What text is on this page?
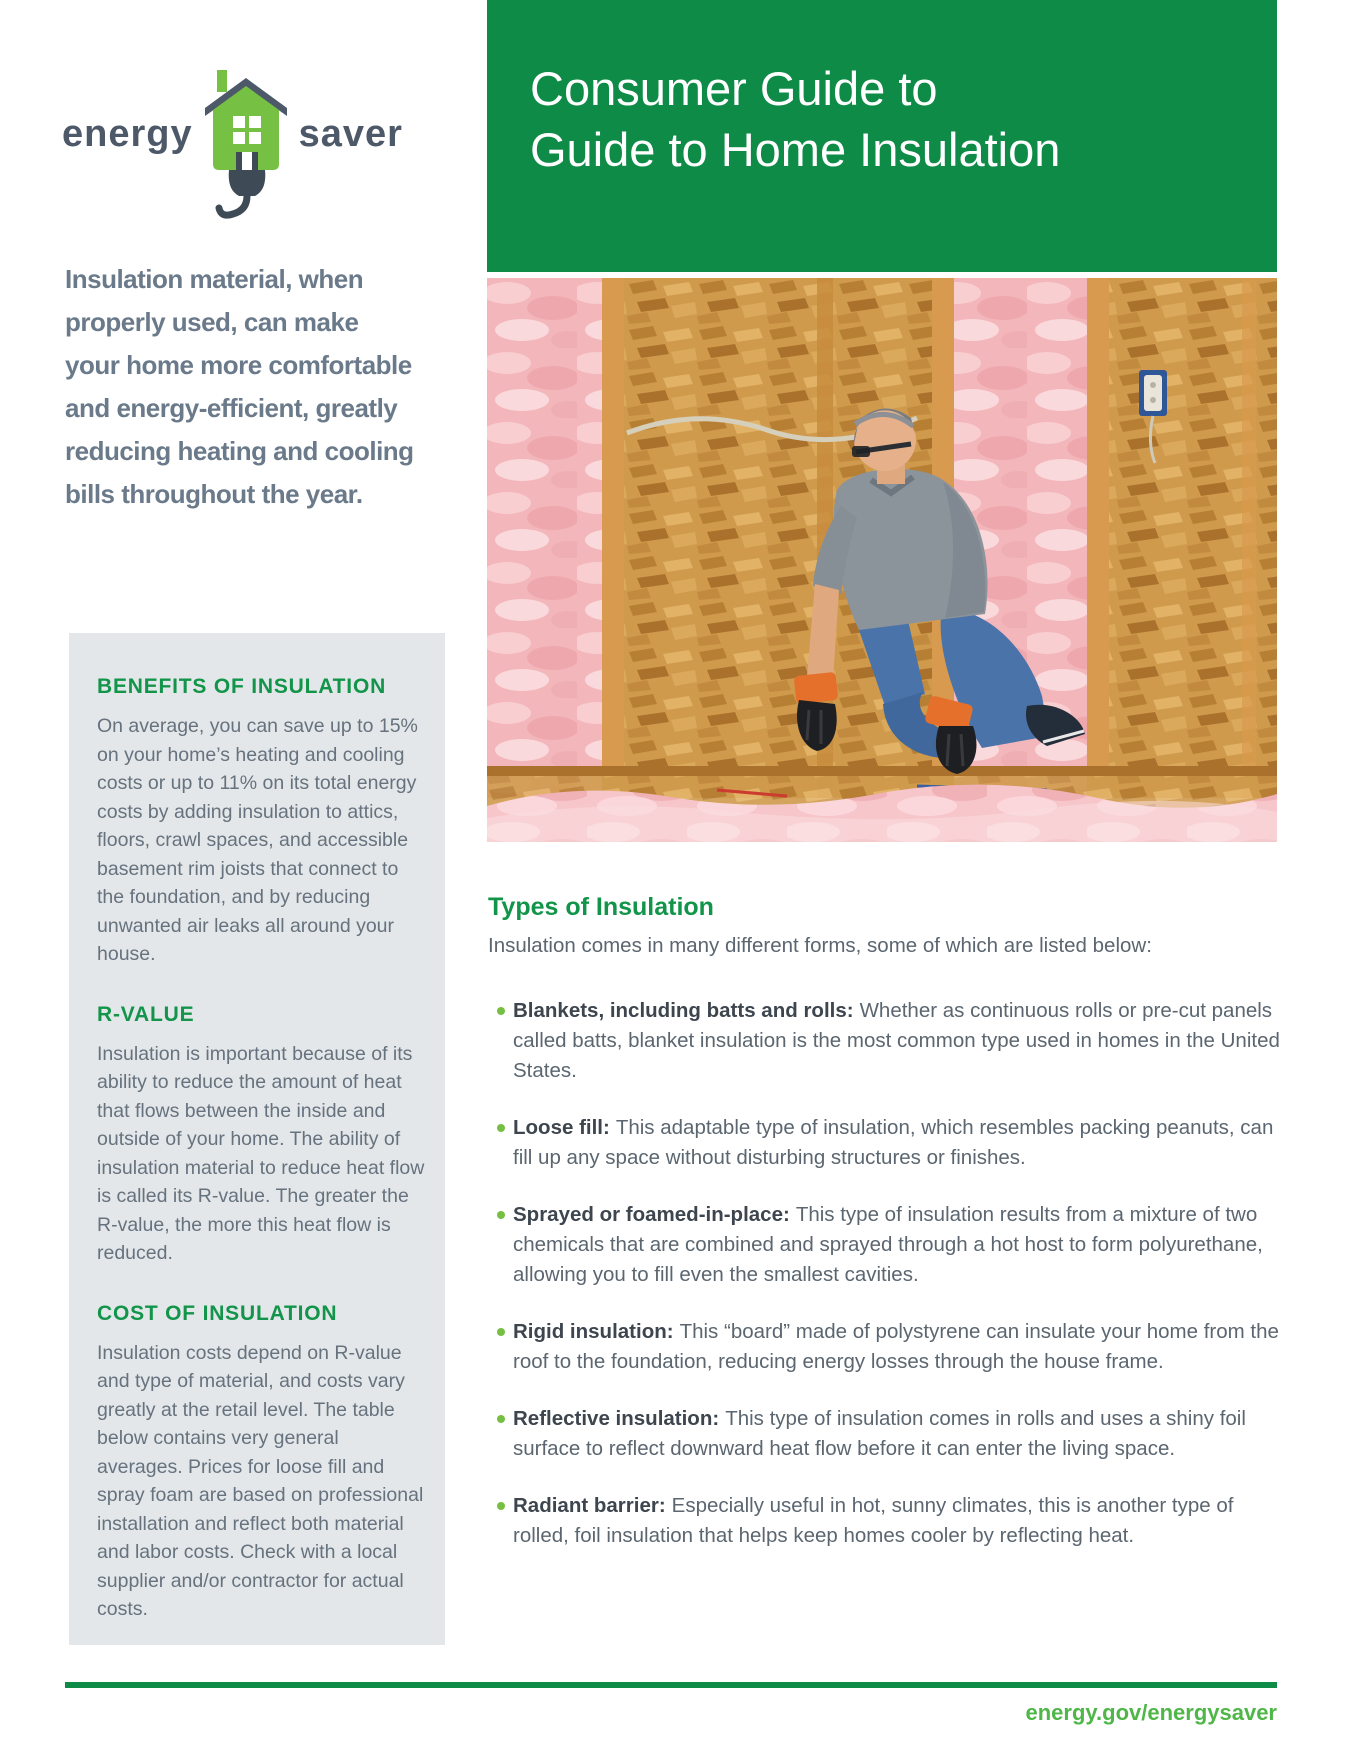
energy	saver
Consumer Guide to
Guide to Home Insulation

Insulation material, when properly used, can make your home more comfortable and energy-efficient, greatly reducing heating and cooling bills throughout the year.

BENEFITS OF INSULATION

On average, you can save up to 15% on your home’s heating and cooling costs or up to 11% on its total energy costs by adding insulation to attics, floors, crawl spaces, and accessible basement rim joists that connect to the foundation, and by reducing unwanted air leaks all around your house.

R-VALUE

Insulation is important because of its ability to reduce the amount of heat that flows between the inside and outside of your home. The ability of insulation material to reduce heat flow is called its R-value. The greater the R-value, the more this heat flow is reduced.

COST OF INSULATION

Insulation costs depend on R-value and type of material, and costs vary greatly at the retail level. The table below contains very general averages. Prices for loose fill and spray foam are based on professional installation and reflect both material and labor costs. Check with a local supplier and/or contractor for actual costs.

Types of Insulation

Insulation comes in many different forms, some of which are listed below:

Blankets, including batts and rolls: Whether as continuous rolls or pre-cut panels called batts, blanket insulation is the most common type used in homes in the United States.
Loose fill: This adaptable type of insulation, which resembles packing peanuts, can fill up any space without disturbing structures or finishes.
Sprayed or foamed-in-place: This type of insulation results from a mixture of two chemicals that are combined and sprayed through a hot host to form polyurethane, allowing you to fill even the smallest cavities.
Rigid insulation: This “board” made of polystyrene can insulate your home from the roof to the foundation, reducing energy losses through the house frame.
Reflective insulation: This type of insulation comes in rolls and uses a shiny foil surface to reflect downward heat flow before it can enter the living space.
Radiant barrier: Especially useful in hot, sunny climates, this is another type of rolled, foil insulation that helps keep homes cooler by reflecting heat.
energy.gov/energysaver
